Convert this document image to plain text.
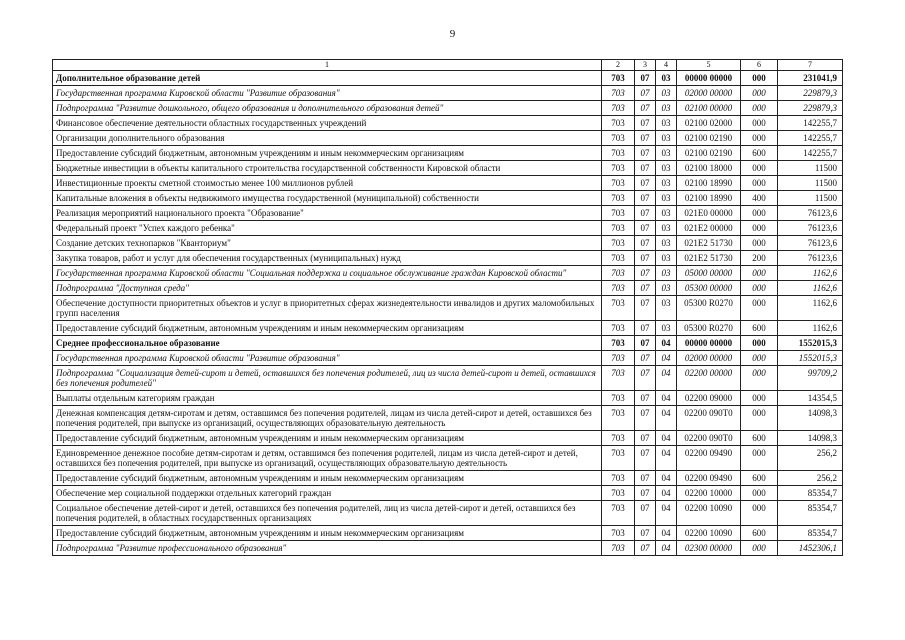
9
1	2	3	4	5	6	7
Дополнительное образование детей	703	07	03	00000 00000	000	231041,9
Государственная программа Кировской области "Развитие образования"	703	07	03	02000 00000	000	229879,3
Подпрограмма "Развитие дошкольного, общего образования и дополнительного образования детей"	703	07	03	02100 00000	000	229879,3
Финансовое обеспечение деятельности областных государственных учреждений	703	07	03	02100 02000	000	142255,7
Организации дополнительного образования	703	07	03	02100 02190	000	142255,7
Предоставление субсидий бюджетным, автономным учреждениям и иным некоммерческим организациям	703	07	03	02100 02190	600	142255,7
Бюджетные инвестиции в объекты капитального строительства государственной собственности Кировской области	703	07	03	02100 18000	000	11500
Инвестиционные проекты сметной стоимостью менее 100 миллионов рублей	703	07	03	02100 18990	000	11500
Капитальные вложения в объекты недвижимого имущества государственной (муниципальной) собственности	703	07	03	02100 18990	400	11500
Реализация мероприятий национального проекта "Образование"	703	07	03	021E0 00000	000	76123,6
Федеральный проект "Успех каждого ребенка"	703	07	03	021E2 00000	000	76123,6
Создание детских технопарков "Кванториум"	703	07	03	021E2 51730	000	76123,6
Закупка товаров, работ и услуг для обеспечения государственных (муниципальных) нужд	703	07	03	021E2 51730	200	76123,6
Государственная программа Кировской области "Социальная поддержка и социальное обслуживание граждан Кировской области"	703	07	03	05000 00000	000	1162,6
Подпрограмма "Доступная среда"	703	07	03	05300 00000	000	1162,6
Обеспечение доступности приоритетных объектов и услуг в приоритетных сферах жизнедеятельности инвалидов и других маломобильных групп населения	703	07	03	05300 R0270	000	1162,6
Предоставление субсидий бюджетным, автономным учреждениям и иным некоммерческим организациям	703	07	03	05300 R0270	600	1162,6
Среднее профессиональное образование	703	07	04	00000 00000	000	1552015,3
Государственная программа Кировской области "Развитие образования"	703	07	04	02000 00000	000	1552015,3
Подпрограмма "Социализация детей-сирот и детей, оставшихся без попечения родителей, лиц из числа детей-сирот и детей, оставшихся без попечения родителей"	703	07	04	02200 00000	000	99709,2
Выплаты отдельным категориям граждан	703	07	04	02200 09000	000	14354,5
Денежная компенсация детям-сиротам и детям, оставшимся без попечения родителей, лицам из числа детей-сирот и детей, оставшихся без попечения родителей, при выпуске из организаций, осуществляющих образовательную деятельность	703	07	04	02200 090Т0	000	14098,3
Предоставление субсидий бюджетным, автономным учреждениям и иным некоммерческим организациям	703	07	04	02200 090Т0	600	14098,3
Единовременное денежное пособие детям-сиротам и детям, оставшимся без попечения родителей, лицам из числа детей-сирот и детей, оставшихся без попечения родителей, при выпуске из организаций, осуществляющих образовательную деятельность	703	07	04	02200 09490	000	256,2
Предоставление субсидий бюджетным, автономным учреждениям и иным некоммерческим организациям	703	07	04	02200 09490	600	256,2
Обеспечение мер социальной поддержки отдельных категорий граждан	703	07	04	02200 10000	000	85354,7
Социальное обеспечение детей-сирот и детей, оставшихся без попечения родителей, лиц из числа детей-сирот и детей, оставшихся без попечения родителей, в областных государственных организациях	703	07	04	02200 10090	000	85354,7
Предоставление субсидий бюджетным, автономным учреждениям и иным некоммерческим организациям	703	07	04	02200 10090	600	85354,7
Подпрограмма "Развитие профессионального образования"	703	07	04	02300 00000	000	1452306,1
